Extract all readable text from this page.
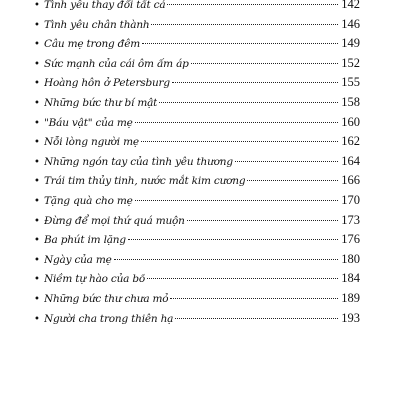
• Tình yêu thay đổi tất cả	142
• Tình yêu chân thành	146
• Câu mẹ trong đêm	149
• Sức mạnh của cái ôm ấm áp	152
• Hoàng hôn ở Petersburg	155
• Những bức thư bí mật	158
• "Báu vật" của mẹ	160
• Nỗi lòng người mẹ	162
• Những ngón tay của tình yêu thương	164
• Trái tim thủy tinh, nước mắt kim cương	166
• Tặng quà cho mẹ	170
• Đừng để mọi thứ quá muộn	173
• Ba phút im lặng	176
• Ngày của mẹ	180
• Niềm tự hào của bố	184
• Những bức thư chưa mở	189
• Người cha trong thiên hạ	193
